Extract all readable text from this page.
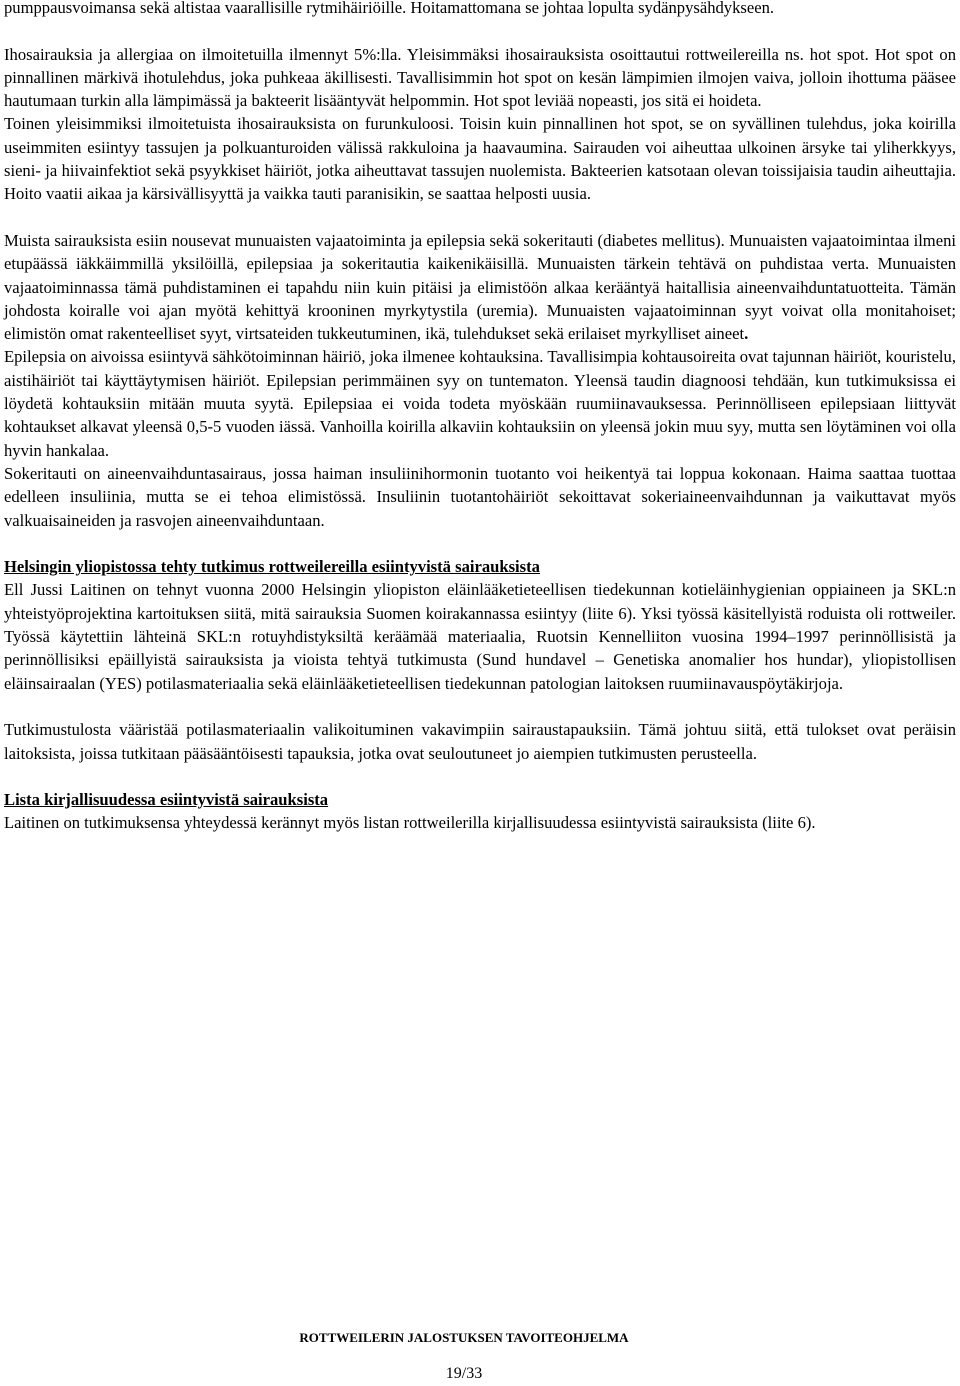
pumppausvoimansa sekä altistaa vaarallisille rytmihäiriöille. Hoitamattomana se johtaa lopulta sydänpysähdykseen.

Ihosairauksia ja allergiaa on ilmoitetuilla ilmennyt 5%:lla. Yleisimmäksi ihosairauksista osoittautui rottweilereilla ns. hot spot. Hot spot on pinnallinen märkivä ihotulehdus, joka puhkeaa äkillisesti. Tavallisimmin hot spot on kesän lämpimien ilmojen vaiva, jolloin ihottuma pääsee hautumaan turkin alla lämpimässä ja bakteerit lisääntyvät helpommin. Hot spot leviää nopeasti, jos sitä ei hoideta.

Toinen yleisimmiksi ilmoitetuista ihosairauksista on furunkuloosi. Toisin kuin pinnallinen hot spot, se on syvällinen tulehdus, joka koirilla useimmiten esiintyy tassujen ja polkuanturoiden välissä rakkuloina ja haavaumina. Sairauden voi aiheuttaa ulkoinen ärsyke tai yliherkkyys, sieni- ja hiivainfektiot sekä psyykkiset häiriöt, jotka aiheuttavat tassujen nuolemista. Bakteerien katsotaan olevan toissijaisia taudin aiheuttajia. Hoito vaatii aikaa ja kärsivällisyyttä ja vaikka tauti paranisikin, se saattaa helposti uusia.

Muista sairauksista esiin nousevat munuaisten vajaatoiminta ja epilepsia sekä sokeritauti (diabetes mellitus). Munuaisten vajaatoimintaa ilmeni etupäässä iäkkäimmillä yksilöillä, epilepsiaa ja sokeritautia kaikenikäisillä. Munuaisten tärkein tehtävä on puhdistaa verta. Munuaisten vajaatoiminnassa tämä puhdistaminen ei tapahdu niin kuin pitäisi ja elimistöön alkaa kerääntyä haitallisia aineenvaihduntatuotteita. Tämän johdosta koiralle voi ajan myötä kehittyä krooninen myrkytystila (uremia). Munuaisten vajaatoiminnan syyt voivat olla monitahoiset; elimistön omat rakenteelliset syyt, virtsateiden tukkeutuminen, ikä, tulehdukset sekä erilaiset myrkylliset aineet.

Epilepsia on aivoissa esiintyvä sähkötoiminnan häiriö, joka ilmenee kohtauksina. Tavallisimpia kohtausoireita ovat tajunnan häiriöt, kouristelu, aistihäiriöt tai käyttäytymisen häiriöt. Epilepsian perimmäinen syy on tuntematon. Yleensä taudin diagnoosi tehdään, kun tutkimuksissa ei löydetä kohtauksiin mitään muuta syytä. Epilepsiaa ei voida todeta myöskään ruumiinavauksessa. Perinnölliseen epilepsiaan liittyvät kohtaukset alkavat yleensä 0,5-5 vuoden iässä. Vanhoilla koirilla alkaviin kohtauksiin on yleensä jokin muu syy, mutta sen löytäminen voi olla hyvin hankalaa.

Sokeritauti on aineenvaihduntasairaus, jossa haiman insuliinihormonin tuotanto voi heikentyä tai loppua kokonaan. Haima saattaa tuottaa edelleen insuliinia, mutta se ei tehoa elimistössä. Insuliinin tuotantohäiriöt sekoittavat sokeriaineenvaihdunnan ja vaikuttavat myös valkuaisaineiden ja rasvojen aineenvaihduntaan.

Helsingin yliopistossa tehty tutkimus rottweilereilla esiintyvistä sairauksista

Ell Jussi Laitinen on tehnyt vuonna 2000 Helsingin yliopiston eläinlääketieteellisen tiedekunnan kotieläinhygienian oppiaineen ja SKL:n yhteistyöprojektina kartoituksen siitä, mitä sairauksia Suomen koirakannassa esiintyy (liite 6). Yksi työssä käsitellyistä roduista oli rottweiler. Työssä käytettiin lähteinä SKL:n rotuyhdistyksiltä keräämää materiaalia, Ruotsin Kennelliiton vuosina 1994–1997 perinnöllisistä ja perinnöllisiksi epäillyistä sairauksista ja vioista tehtyä tutkimusta (Sund hundavel – Genetiska anomalier hos hundar), yliopistollisen eläinsairaalan (YES) potilasmateriaalia sekä eläinlääketieteellisen tiedekunnan patologian laitoksen ruumiinavauspöytäkirjoja.

Tutkimustulosta vääristää potilasmateriaalin valikoituminen vakavimpiin sairaustapauksiin. Tämä johtuu siitä, että tulokset ovat peräisin laitoksista, joissa tutkitaan pääsääntöisesti tapauksia, jotka ovat seuloutuneet jo aiempien tutkimusten perusteella.

Lista kirjallisuudessa esiintyvistä sairauksista

Laitinen on tutkimuksensa yhteydessä kerännyt myös listan rottweilerilla kirjallisuudessa esiintyvistä sairauksista (liite 6).

ROTTWEILERIN JALOSTUKSEN TAVOITEOHJELMA
19/33
